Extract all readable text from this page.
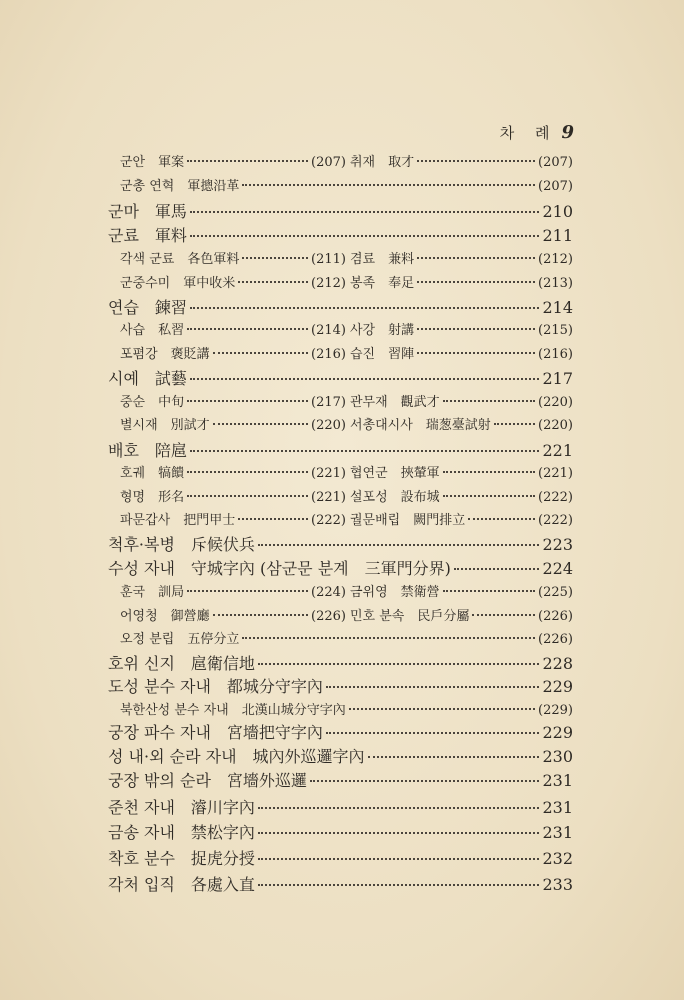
차 례 9
군안　軍案	(207) 취재　取才	(207)
군총 연혁　軍摠沿革	(207)
군마　軍馬	210
군료　軍料	211
각색 군료　各色軍料	(211) 겸료　兼料	(212)
군중수미　軍中收米	(212) 봉족　奉足	(213)
연습　鍊習	214
사습　私習	(214) 사강　射講	(215)
포폄강　褒貶講	(216) 습진　習陣	(216)
시예　試藝	217
중순　中旬	(217) 관무재　觀武才	(220)
별시재　別試才	(220) 서총대시사　瑞葱臺試射	(220)
배호　陪扈	221
호궤　犒饋	(221) 협연군　挾輦軍	(221)
형명　形名	(221) 설포성　設布城	(222)
파문갑사　把門甲士	(222) 궐문배립　闕門排立	(222)
척후·복병　斥候伏兵	223
수성 자내　守城字內 (삼군문 분계　三軍門分界)	224
훈국　訓局	(224) 금위영　禁衛營	(225)
어영청　御營廳	(226) 민호 분속　民戶分屬	(226)
오정 분립　五停分立	(226)
호위 신지　扈衛信地	228
도성 분수 자내　都城分守字內	229
북한산성 분수 자내　北漢山城分守字內	(229)
궁장 파수 자내　宮墻把守字內	229
성 내·외 순라 자내　城內外巡邏字內	230
궁장 밖의 순라　宮墻外巡邏	231
준천 자내　濬川字內	231
금송 자내　禁松字內	231
착호 분수　捉虎分授	232
각처 입직　各處入直	233
